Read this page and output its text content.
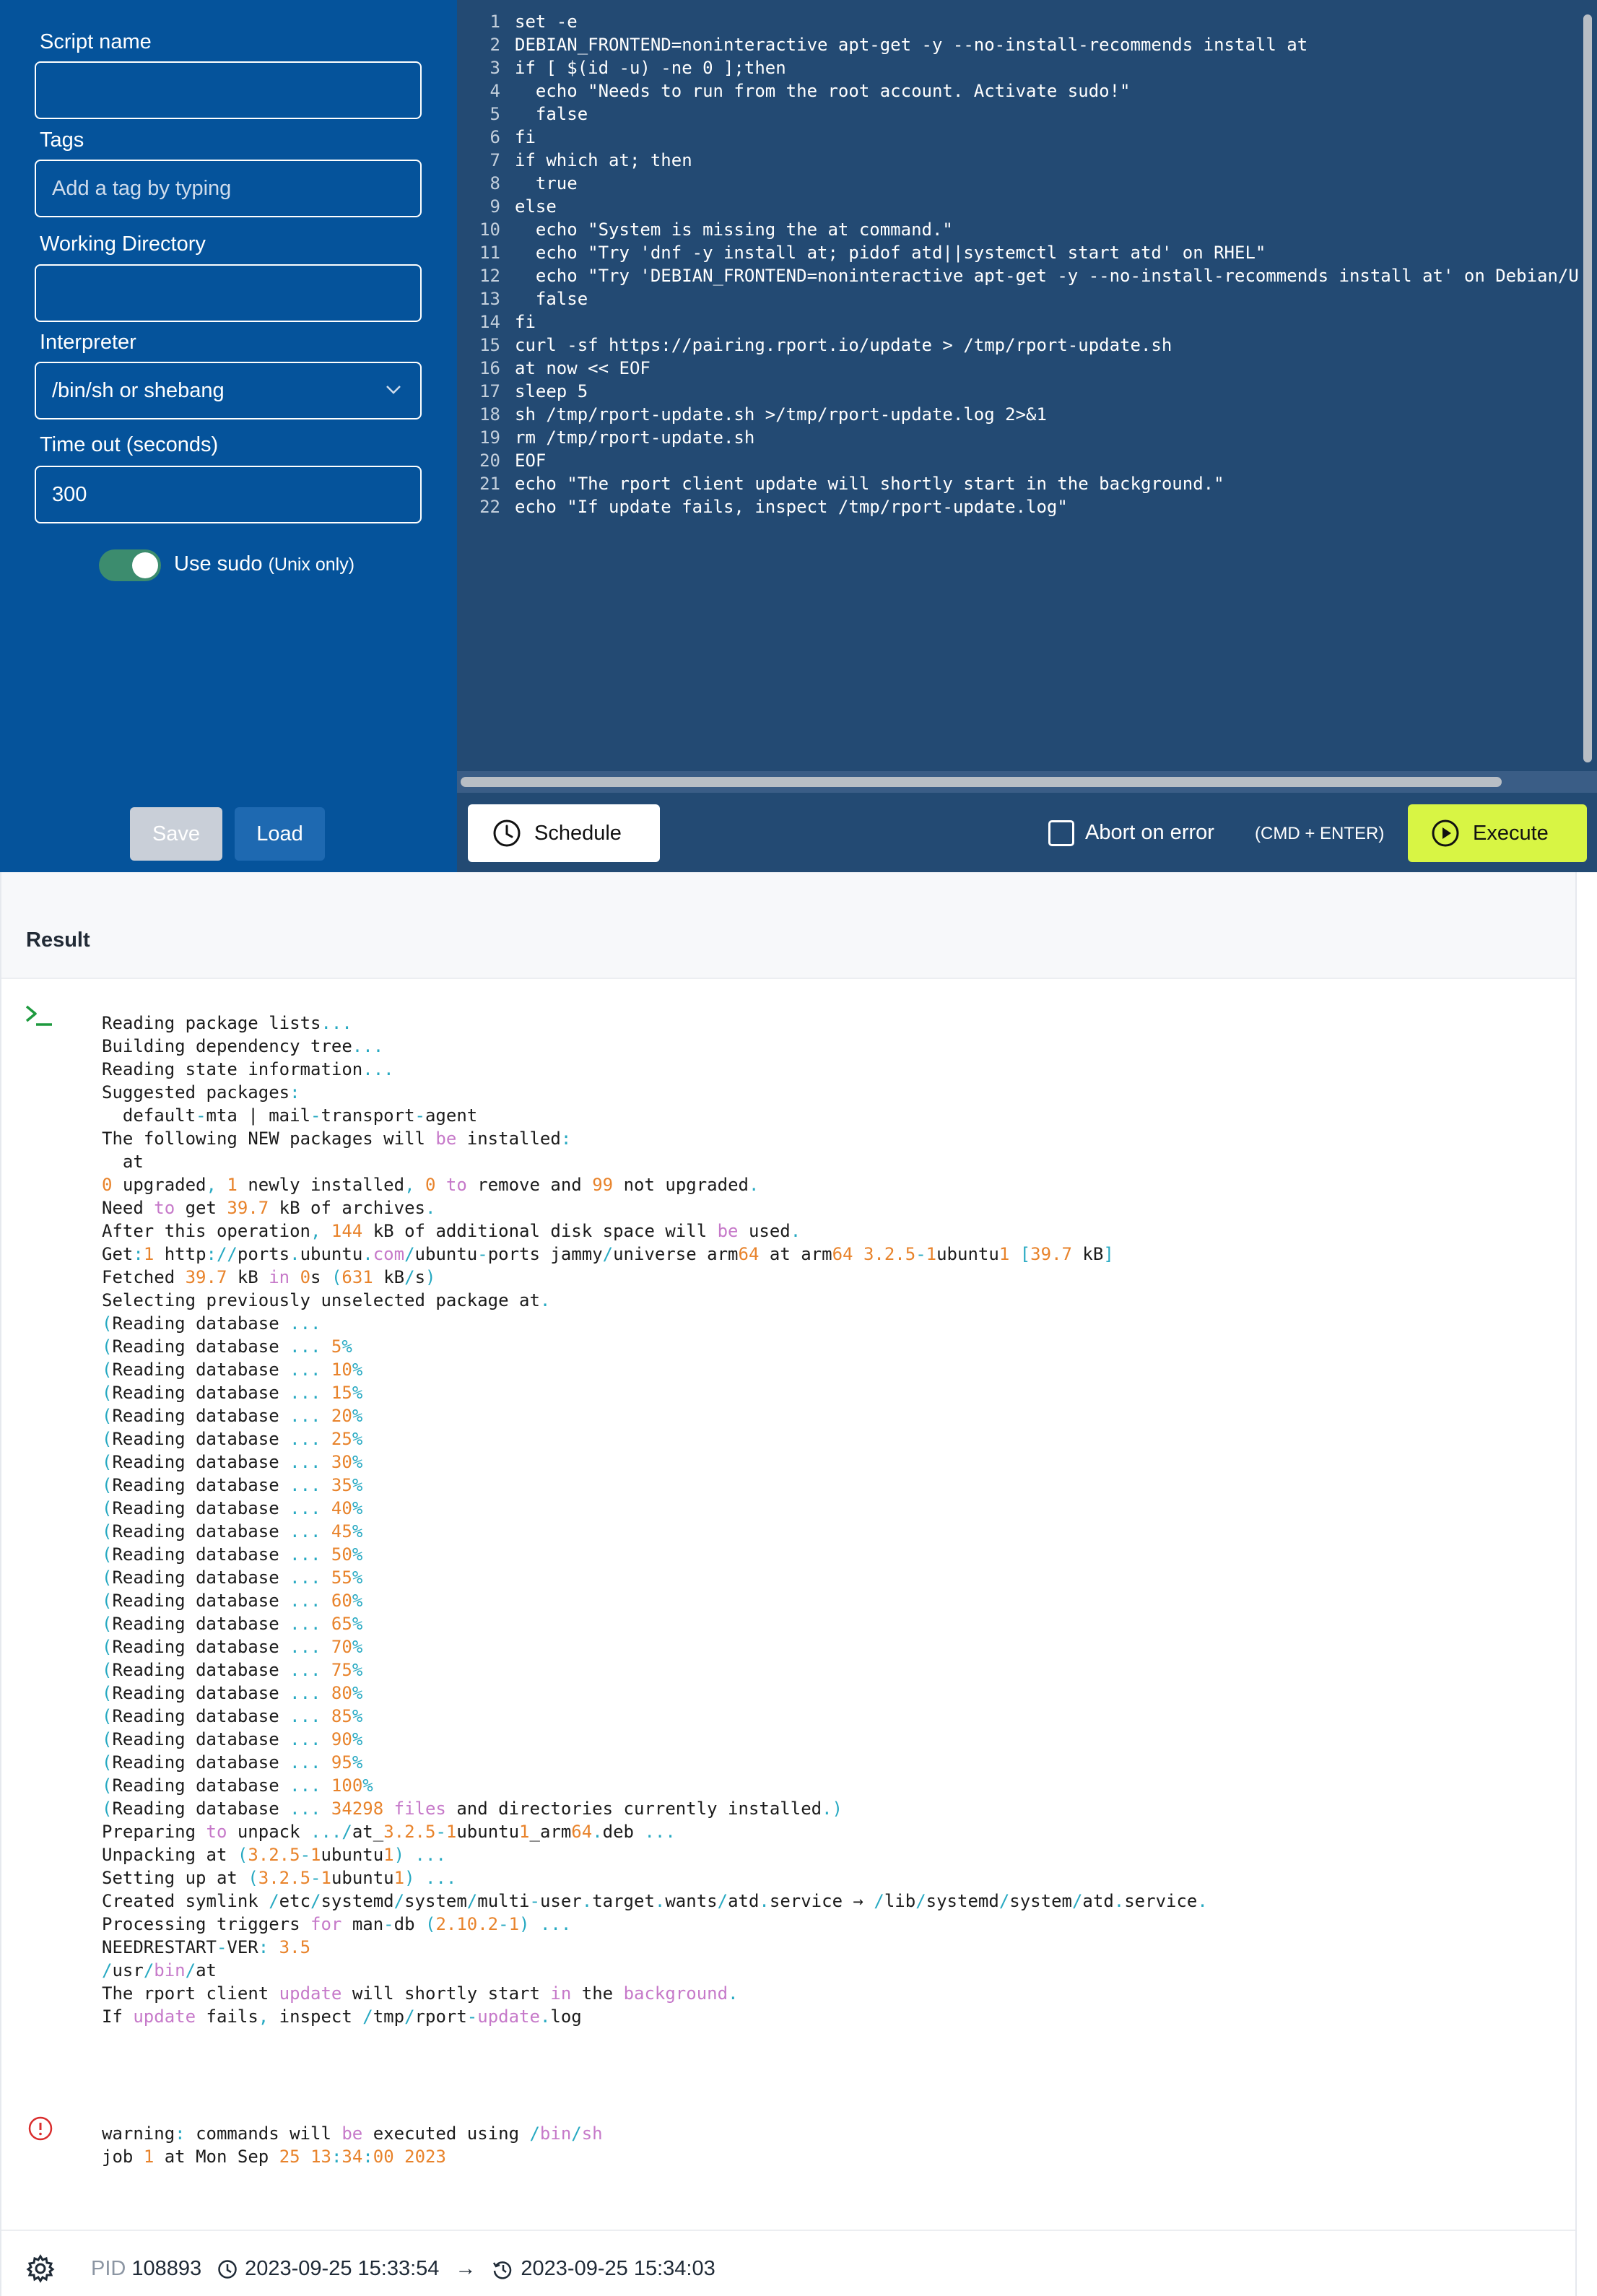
Script name
Tags
Add a tag by typing
Working Directory
Interpreter
/bin/sh or shebang
Time out (seconds)
300
Use sudo (Unix only)
1 set -e
2 DEBIAN_FRONTEND=noninteractive apt-get -y --no-install-recommends install at
3 if [ $(id -u) -ne 0 ];then
4  echo "Needs to run from the root account. Activate sudo!"
5  false
6 fi
7 if which at; then
8  true
9 else
10  echo "System is missing the at command."
11  echo "Try 'dnf -y install at; pidof atd||systemctl start atd' on RHEL"
12  echo "Try 'DEBIAN_FRONTEND=noninteractive apt-get -y --no-install-recommends install at' on Debian/U
13  false
14 fi
15 curl -sf https://pairing.rport.io/update > /tmp/rport-update.sh
16 at now << EOF
17 sleep 5
18 sh /tmp/rport-update.sh >/tmp/rport-update.log 2>&1
19 rm /tmp/rport-update.sh
20 EOF
21 echo "The rport client update will shortly start in the background."
22 echo "If update fails, inspect /tmp/rport-update.log"
Save	Load	Schedule	Abort on error (CMD + ENTER)	Execute
Result
Reading package lists...
Building dependency tree...
Reading state information...
Suggested packages:
default-mta | mail-transport-agent
The following NEW packages will be installed:
at
0 upgraded, 1 newly installed, 0 to remove and 99 not upgraded.
Need to get 39.7 kB of archives.
After this operation, 144 kB of additional disk space will be used.
Get:1 http://ports.ubuntu.com/ubuntu-ports jammy/universe arm64 at arm64 3.2.5-1ubuntu1 [39.7 kB]
Fetched 39.7 kB in 0s (631 kB/s)
Selecting previously unselected package at.
(Reading database ...
(Reading database ... 5%
(Reading database ... 10%
(Reading database ... 15%
(Reading database ... 20%
(Reading database ... 25%
(Reading database ... 30%
(Reading database ... 35%
(Reading database ... 40%
(Reading database ... 45%
(Reading database ... 50%
(Reading database ... 55%
(Reading database ... 60%
(Reading database ... 65%
(Reading database ... 70%
(Reading database ... 75%
(Reading database ... 80%
(Reading database ... 85%
(Reading database ... 90%
(Reading database ... 95%
(Reading database ... 100%
(Reading database ... 34298 files and directories currently installed.)
Preparing to unpack .../at_3.2.5-1ubuntu1_arm64.deb ...
Unpacking at (3.2.5-1ubuntu1) ...
Setting up at (3.2.5-1ubuntu1) ...
Created symlink /etc/systemd/system/multi-user.target.wants/atd.service → /lib/systemd/system/atd.service.
Processing triggers for man-db (2.10.2-1) ...
NEEDRESTART-VER: 3.5
/usr/bin/at
The rport client update will shortly start in the background.
If update fails, inspect /tmp/rport-update.log
warning: commands will be executed using /bin/sh
job 1 at Mon Sep 25 13:34:00 2023
PID 108893 2023-09-25 15:33:54 → 2023-09-25 15:34:03
